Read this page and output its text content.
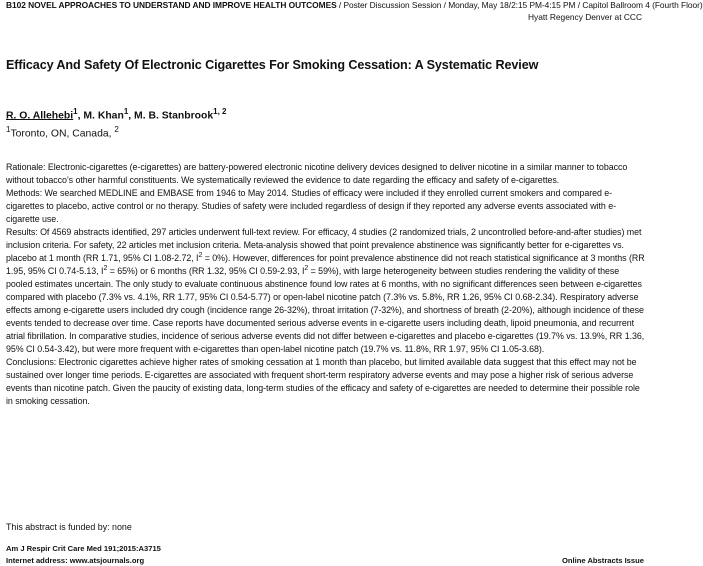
B102 NOVEL APPROACHES TO UNDERSTAND AND IMPROVE HEALTH OUTCOMES / Poster Discussion Session / Monday, May 18/2:15 PM-4:15 PM / Capitol Ballroom 4 (Fourth Floor)
Hyatt Regency Denver at CCC
Efficacy And Safety Of Electronic Cigarettes For Smoking Cessation: A Systematic Review
R. O. Allehebi$^1$, M. Khan$^1$, M. B. Stanbrook$^{1, 2}$
$^1$Toronto, ON, Canada, $^2$

Rationale: Electronic-cigarettes (e-cigarettes) are battery-powered electronic nicotine delivery devices designed to deliver nicotine in a similar manner to tobacco without tobacco’s other harmful constituents. We systematically reviewed the evidence to date regarding the efficacy and safety of e-cigarettes.

Methods: We searched MEDLINE and EMBASE from 1946 to May 2014. Studies of efficacy were included if they enrolled current smokers and compared e-cigarettes to placebo, active control or no therapy. Studies of safety were included regardless of design if they reported any adverse events associated with e-cigarette use.

Results: Of 4569 abstracts identified, 297 articles underwent full-text review. For efficacy, 4 studies (2 randomized trials, 2 uncontrolled before-and-after studies) met inclusion criteria. For safety, 22 articles met inclusion criteria. Meta-analysis showed that point prevalence abstinence was significantly better for e-cigarettes vs. placebo at 1 month (RR 1.71, 95% CI 1.08-2.72, $I^2 = 0\%$). However, differences for point prevalence abstinence did not reach statistical significance at 3 months (RR 1.95, 95% CI 0.74-5.13, $I^2 = 65\%$) or 6 months (RR 1.32, 95% CI 0.59-2.93, $I^2 = 59\%$), with large heterogeneity between studies rendering the validity of these pooled estimates uncertain. The only study to evaluate continuous abstinence found low rates at 6 months, with no significant differences seen between e-cigarettes compared with placebo (7.3% vs. 4.1%, RR 1.77, 95% CI 0.54-5.77) or open-label nicotine patch (7.3% vs. 5.8%, RR 1.26, 95% CI 0.68-2.34). Respiratory adverse effects among e-cigarette users included dry cough (incidence range 26-32%), throat irritation (7-32%), and shortness of breath (2-20%), although incidence of these events tended to decrease over time. Case reports have documented serious adverse events in e-cigarette users including death, lipoid pneumonia, and recurrent atrial fibrillation. In comparative studies, incidence of serious adverse events did not differ between e-cigarettes and placebo e-cigarettes (19.7% vs. 13.9%, RR 1.36, 95% CI 0.54-3.42), but were more frequent with e-cigarettes than open-label nicotine patch (19.7% vs. 11.8%, RR 1.97, 95% CI 1.05-3.68).

Conclusions: Electronic cigarettes achieve higher rates of smoking cessation at 1 month than placebo, but limited available data suggest that this effect may not be sustained over longer time periods. E-cigarettes are associated with frequent short-term respiratory adverse events and may pose a higher risk of serious adverse events than nicotine patch. Given the paucity of existing data, long-term studies of the efficacy and safety of e-cigarettes are needed to determine their possible role in smoking cessation.

This abstract is funded by: none
Am J Respir Crit Care Med 191;2015:A3715
Internet address: www.atsjournals.org	Online Abstracts Issue
